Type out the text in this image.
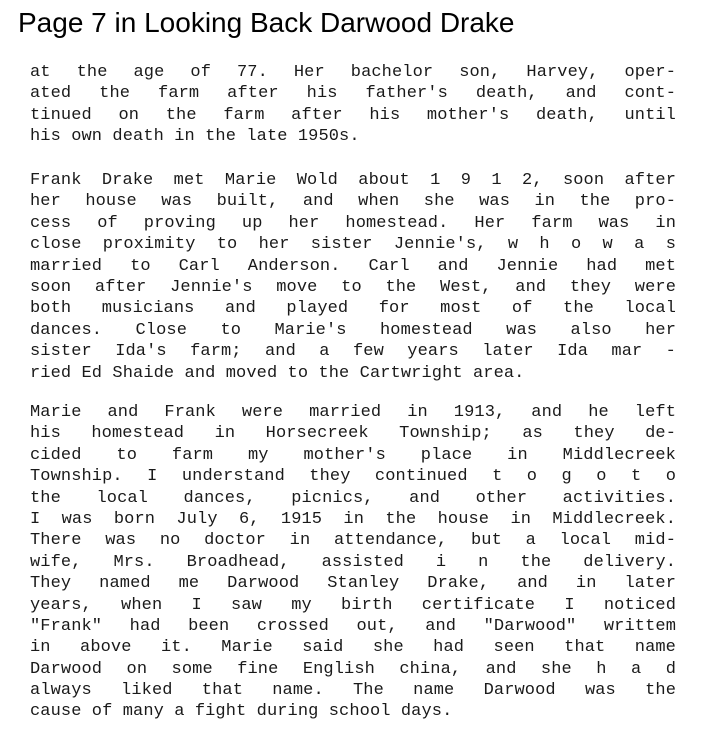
Page 7 in Looking Back Darwood Drake
at the age of 77. Her bachelor son, Harvey, oper-
ated the farm after his father's death, and cont-
tinued on the farm after his mother's death, until
his own death in the late 1950s.
Frank Drake met Marie Wold about 1 9 1 2, soon after
her house was built, and when she was in the pro-
cess of proving up her homestead. Her farm was in
close proximity to her sister Jennie's, w h o w a s
married to Carl Anderson. Carl and Jennie had met
soon after Jennie's move to the West, and they were
both musicians and played for most of the local
dances. Close to Marie's homestead was also her
sister Ida's farm; and a few years later Ida mar -
ried Ed Shaide and moved to the Cartwright area.
Marie and Frank were married in 1913, and he left
his homestead in Horsecreek Township; as they de-
cided to farm my mother's place in Middlecreek
Township. I understand they continued t o g o t o
the local dances, picnics, and other activities.
I was born July 6, 1915 in the house in Middlecreek.
There was no doctor in attendance, but a local mid-
wife, Mrs. Broadhead, assisted i n the delivery.
They named me Darwood Stanley Drake, and in later
years, when I saw my birth certificate I noticed
"Frank" had been crossed out, and "Darwood" writtem
in above it. Marie said she had seen that name
Darwood on some fine English china, and she h a d
always liked that name. The name Darwood was the
cause of many a fight during school days.
